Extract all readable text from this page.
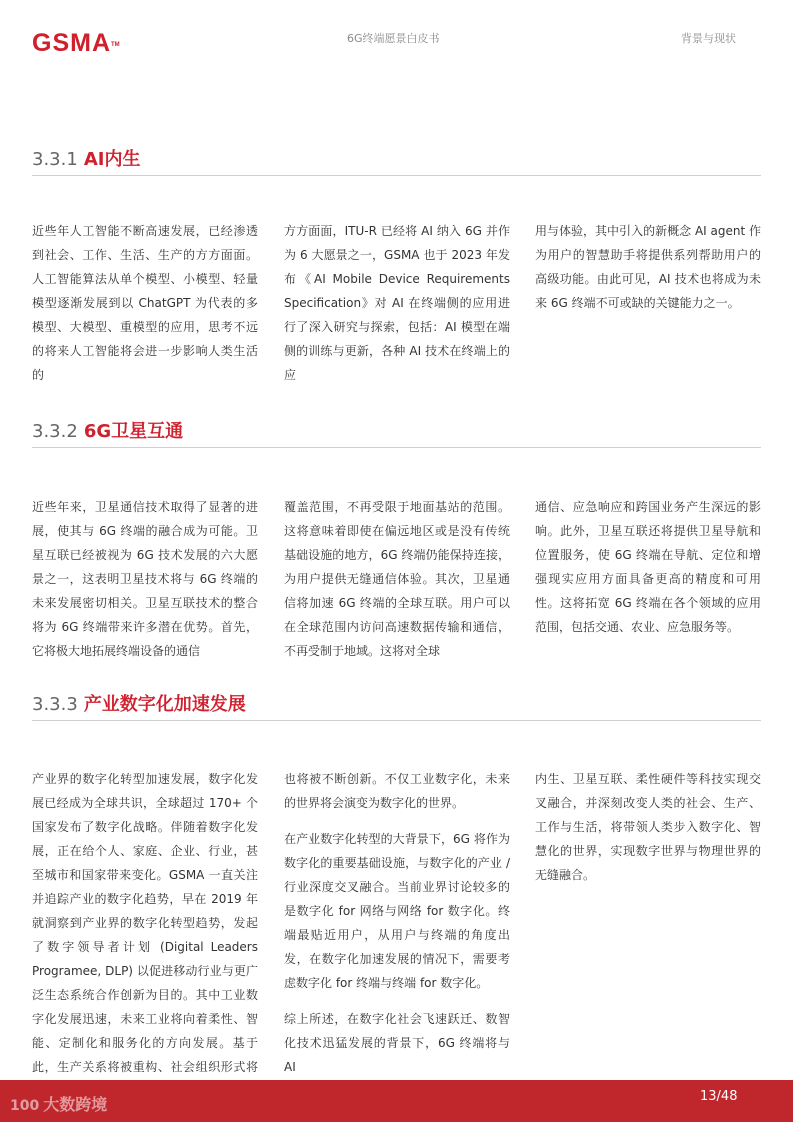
GSMA™	6G终端愿景白皮书	背景与现状
3.3.1 AI内生

近些年人工智能不断高速发展，已经渗透到社会、工作、生活、生产的方方面面。人工智能算法从单个模型、小模型、轻量模型逐渐发展到以 ChatGPT 为代表的多模型、大模型、重模型的应用，思考不远的将来人工智能将会进一步影响人类生活的

方方面面，ITU-R 已经将 AI 纳入 6G 并作为 6 大愿景之一，GSMA 也于 2023 年发布《AI Mobile Device Requirements Specification》对 AI 在终端侧的应用进行了深入研究与探索，包括：AI 模型在端侧的训练与更新，各种 AI 技术在终端上的应

用与体验，其中引入的新概念 AI agent 作为用户的智慧助手将提供系列帮助用户的高级功能。由此可见，AI 技术也将成为未来 6G 终端不可或缺的关键能力之一。

3.3.2 6G卫星互通

近些年来，卫星通信技术取得了显著的进展，使其与 6G 终端的融合成为可能。卫星互联已经被视为 6G 技术发展的六大愿景之一，这表明卫星技术将与 6G 终端的未来发展密切相关。卫星互联技术的整合将为 6G 终端带来许多潜在优势。首先，它将极大地拓展终端设备的通信

覆盖范围，不再受限于地面基站的范围。这将意味着即使在偏远地区或是没有传统基础设施的地方，6G 终端仍能保持连接，为用户提供无缝通信体验。其次，卫星通信将加速 6G 终端的全球互联。用户可以在全球范围内访问高速数据传输和通信，不再受制于地域。这将对全球

通信、应急响应和跨国业务产生深远的影响。此外，卫星互联还将提供卫星导航和位置服务，使 6G 终端在导航、定位和增强现实应用方面具备更高的精度和可用性。这将拓宽 6G 终端在各个领域的应用范围，包括交通、农业、应急服务等。

3.3.3 产业数字化加速发展

产业界的数字化转型加速发展，数字化发展已经成为全球共识，全球超过 170+ 个国家发布了数字化战略。伴随着数字化发展，正在给个人、家庭、企业、行业，甚至城市和国家带来变化。GSMA 一直关注并追踪产业的数字化趋势，早在 2019 年就洞察到产业界的数字化转型趋势，发起了数字领导者计划 (Digital Leaders Programee, DLP) 以促进移动行业与更广泛生态系统合作创新为目的。其中工业数字化发展迅速，未来工业将向着柔性、智能、定制化和服务化的方向发展。基于此，生产关系将被重构、社会组织形式将

也将被不断创新。不仅工业数字化，未来的世界将会演变为数字化的世界。

在产业数字化转型的大背景下，6G 将作为数字化的重要基础设施，与数字化的产业 / 行业深度交叉融合。当前业界讨论较多的是数字化 for 网络与网络 for 数字化。终端最贴近用户，从用户与终端的角度出发，在数字化加速发展的情况下，需要考虑数字化 for 终端与终端 for 数字化。

综上所述，在数字化社会飞速跃迁、数智化技术迅猛发展的背景下，6G 终端将与 AI

内生、卫星互联、柔性硬件等科技实现交叉融合，并深刻改变人类的社会、生产、工作与生活，将带领人类步入数字化、智慧化的世界，实现数字世界与物理世界的无缝融合。

100 大数跨境	13/48
